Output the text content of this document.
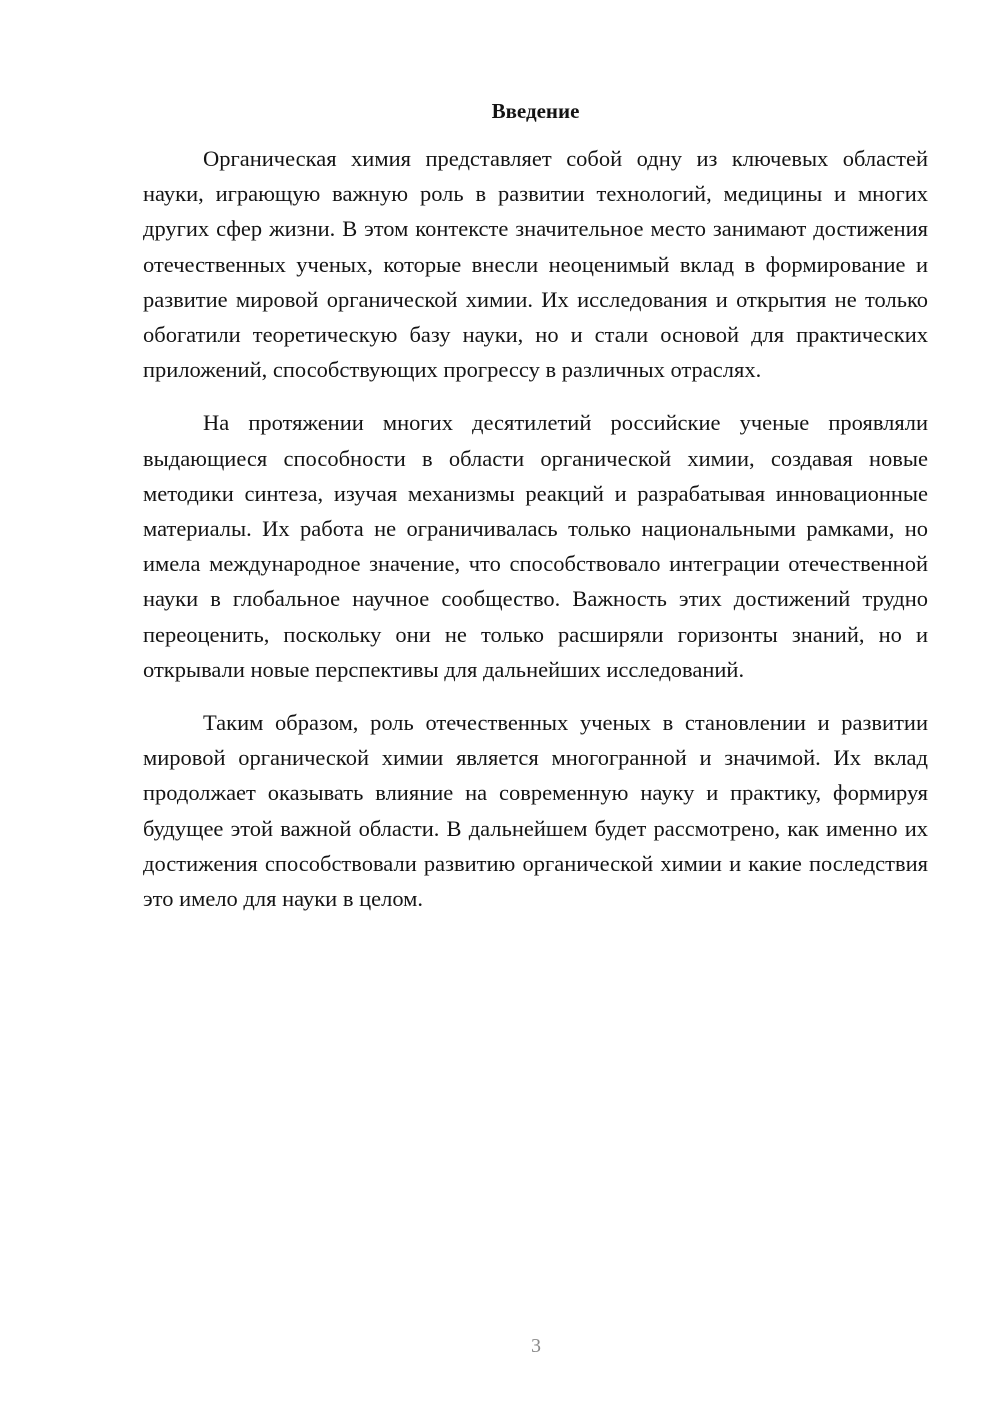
Введение

Органическая химия представляет собой одну из ключевых областей науки, играющую важную роль в развитии технологий, медицины и многих других сфер жизни. В этом контексте значительное место занимают достижения отечественных ученых, которые внесли неоценимый вклад в формирование и развитие мировой органической химии. Их исследования и открытия не только обогатили теоретическую базу науки, но и стали основой для практических приложений, способствующих прогрессу в различных отраслях.

На протяжении многих десятилетий российские ученые проявляли выдающиеся способности в области органической химии, создавая новые методики синтеза, изучая механизмы реакций и разрабатывая инновационные материалы. Их работа не ограничивалась только национальными рамками, но имела международное значение, что способствовало интеграции отечественной науки в глобальное научное сообщество. Важность этих достижений трудно переоценить, поскольку они не только расширяли горизонты знаний, но и открывали новые перспективы для дальнейших исследований.

Таким образом, роль отечественных ученых в становлении и развитии мировой органической химии является многогранной и значимой. Их вклад продолжает оказывать влияние на современную науку и практику, формируя будущее этой важной области. В дальнейшем будет рассмотрено, как именно их достижения способствовали развитию органической химии и какие последствия это имело для науки в целом.

3
